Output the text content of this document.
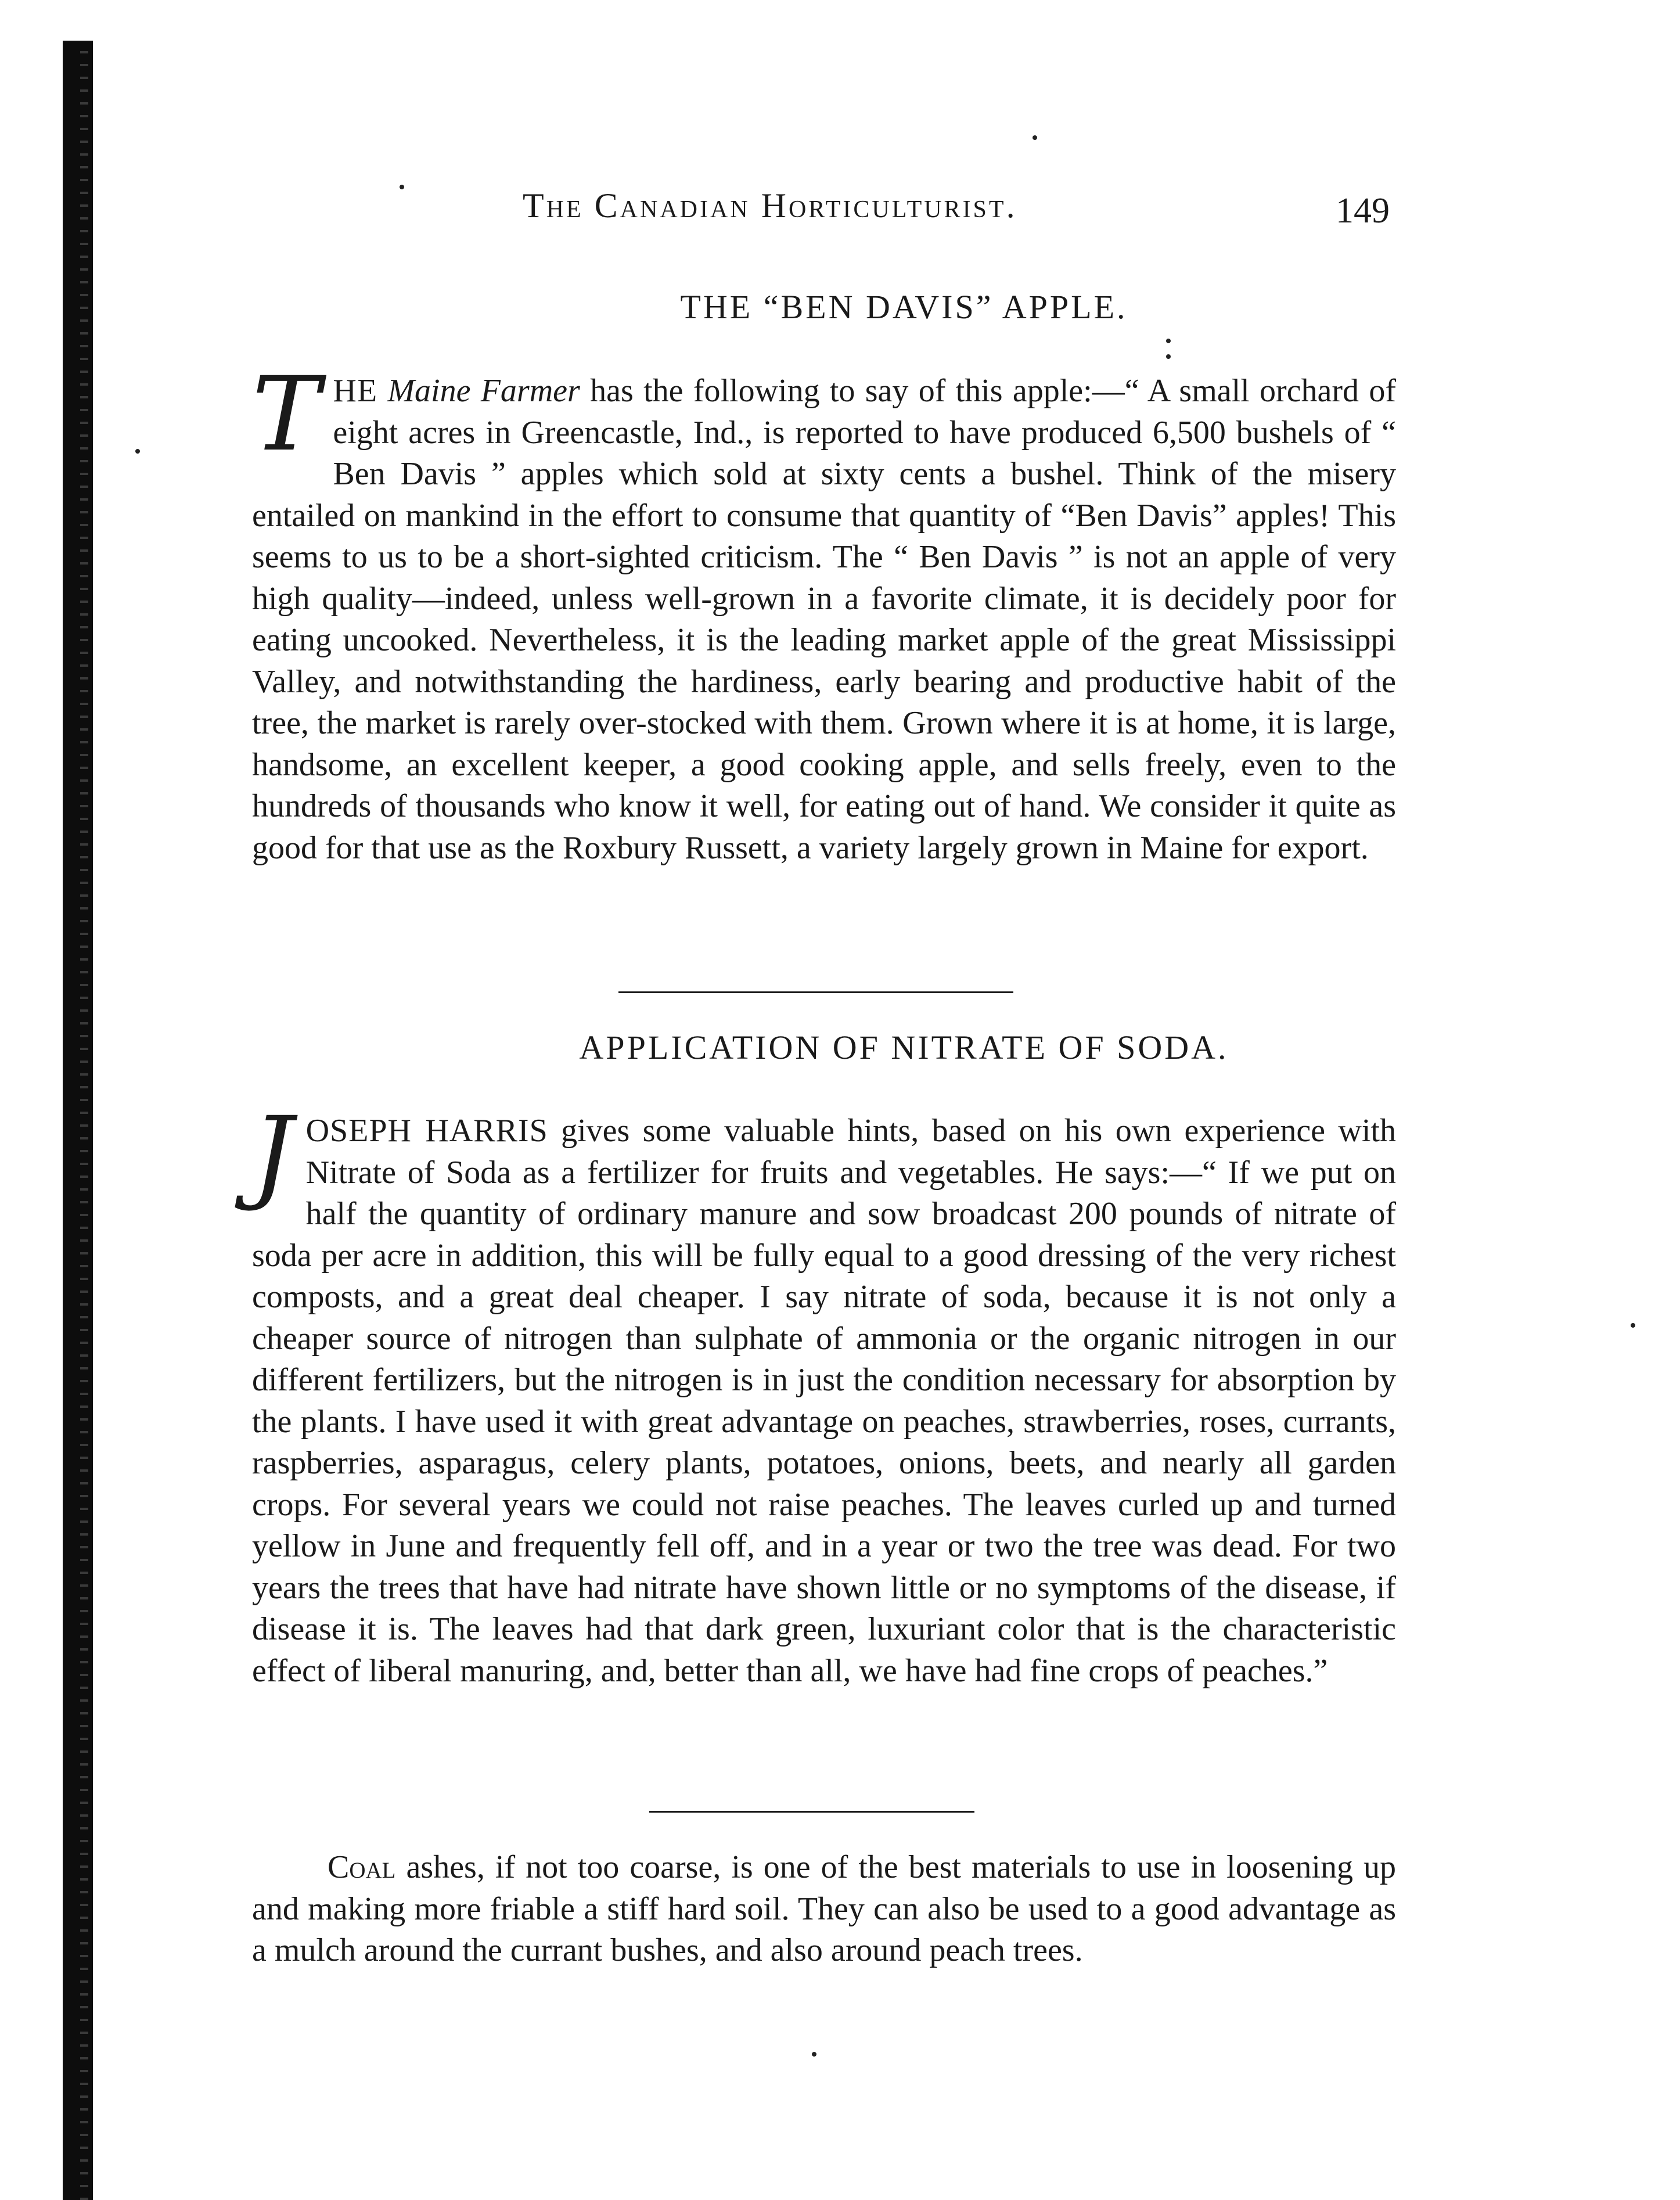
The Canadian Horticulturist.	149
THE “BEN DAVIS” APPLE.

THE Maine Farmer has the following to say of this apple:—“ A small orchard of eight acres in Greencastle, Ind., is reported to have produced 6,500 bushels of “ Ben Davis ” apples which sold at sixty cents a bushel. Think of the misery entailed on mankind in the effort to consume that quantity of “Ben Davis” apples! This seems to us to be a short-sighted criticism. The “ Ben Davis ” is not an apple of very high quality—indeed, unless well-grown in a favorite climate, it is decidely poor for eating uncooked. Nevertheless, it is the leading market apple of the great Mississippi Valley, and notwithstanding the hardiness, early bearing and productive habit of the tree, the market is rarely over-stocked with them. Grown where it is at home, it is large, handsome, an excellent keeper, a good cooking apple, and sells freely, even to the hundreds of thousands who know it well, for eating out of hand. We consider it quite as good for that use as the Roxbury Russett, a variety largely grown in Maine for export.

APPLICATION OF NITRATE OF SODA.

JOSEPH HARRIS gives some valuable hints, based on his own experience with Nitrate of Soda as a fertilizer for fruits and vegetables. He says:—“ If we put on half the quantity of ordinary manure and sow broadcast 200 pounds of nitrate of soda per acre in addition, this will be fully equal to a good dressing of the very richest composts, and a great deal cheaper. I say nitrate of soda, because it is not only a cheaper source of nitrogen than sulphate of ammonia or the organic nitrogen in our different fertilizers, but the nitrogen is in just the condition necessary for absorption by the plants. I have used it with great advantage on peaches, strawberries, roses, currants, raspberries, asparagus, celery plants, potatoes, onions, beets, and nearly all garden crops. For several years we could not raise peaches. The leaves curled up and turned yellow in June and frequently fell off, and in a year or two the tree was dead. For two years the trees that have had nitrate have shown little or no symptoms of the disease, if disease it is. The leaves had that dark green, luxuriant color that is the characteristic effect of liberal manuring, and, better than all, we have had fine crops of peaches.”

Coal ashes, if not too coarse, is one of the best materials to use in loosening up and making more friable a stiff hard soil. They can also be used to a good advantage as a mulch around the currant bushes, and also around peach trees.
